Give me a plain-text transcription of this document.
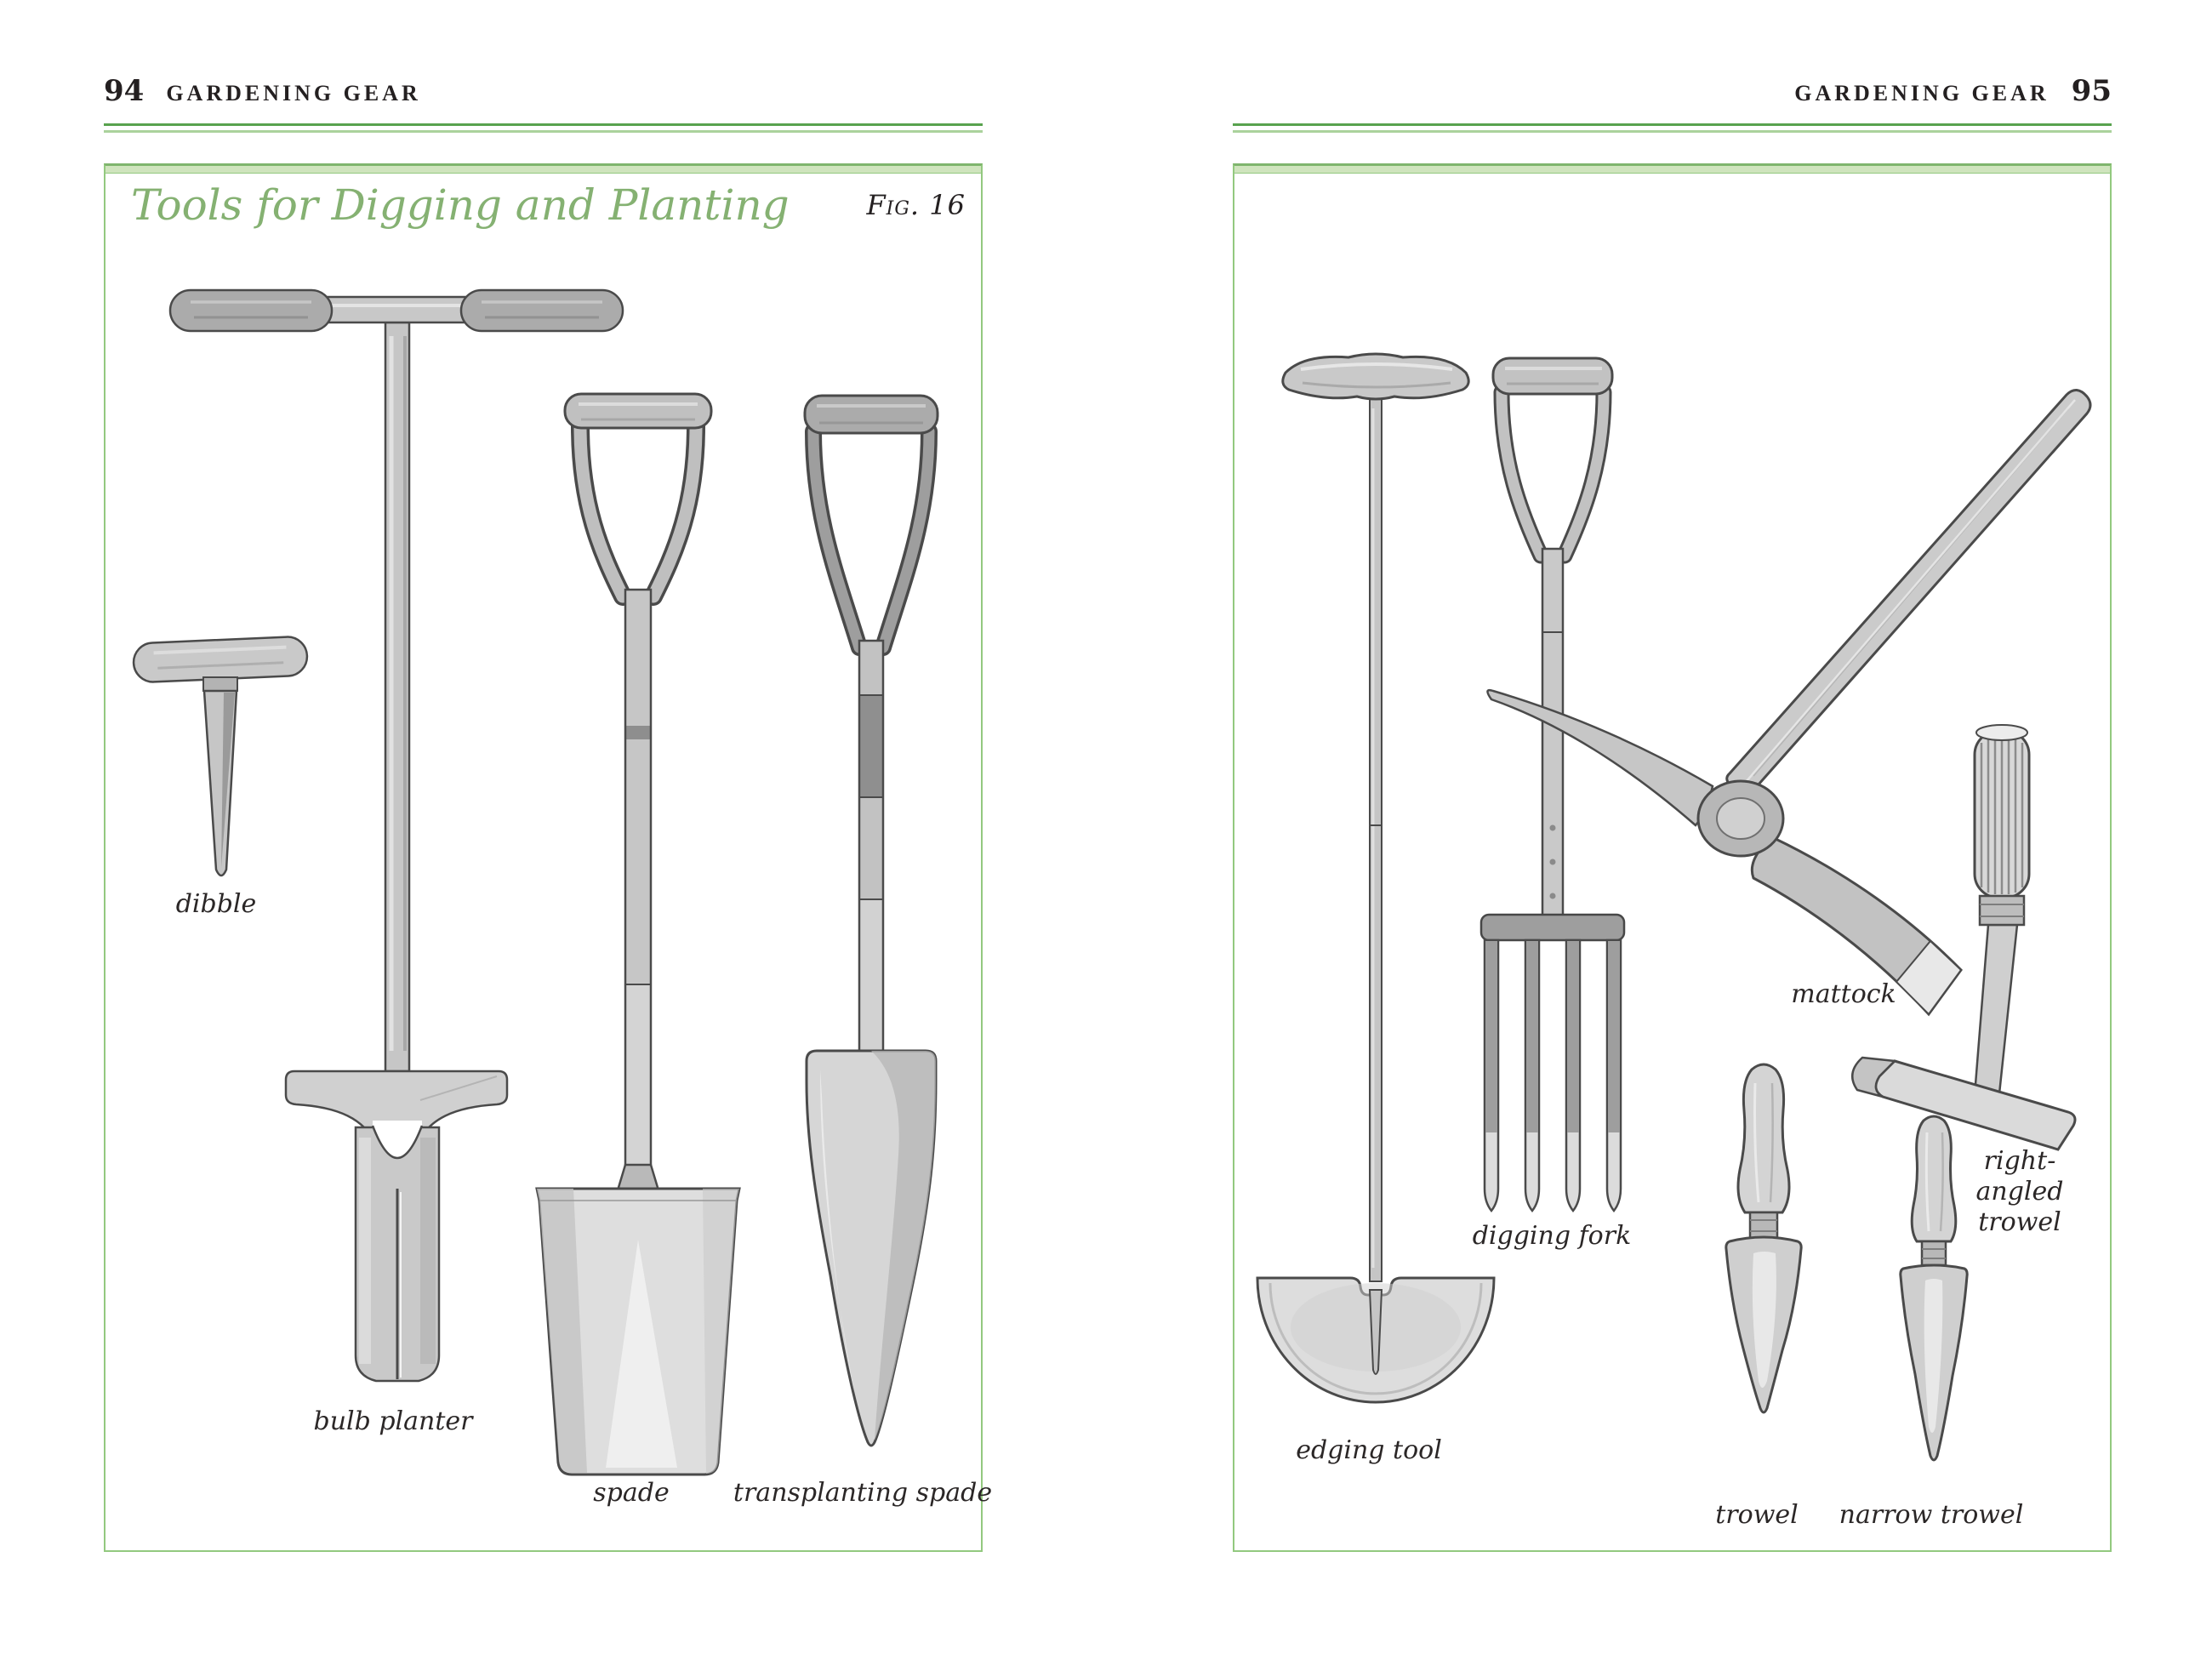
94 GARDENING GEAR
Tools for Digging and Planting	Fig. 16
dibble
bulb planter
spade	transplanting spade
GARDENING GEAR 95
edging tool
digging fork
mattock
right-
angled
trowel
trowel narrow trowel
